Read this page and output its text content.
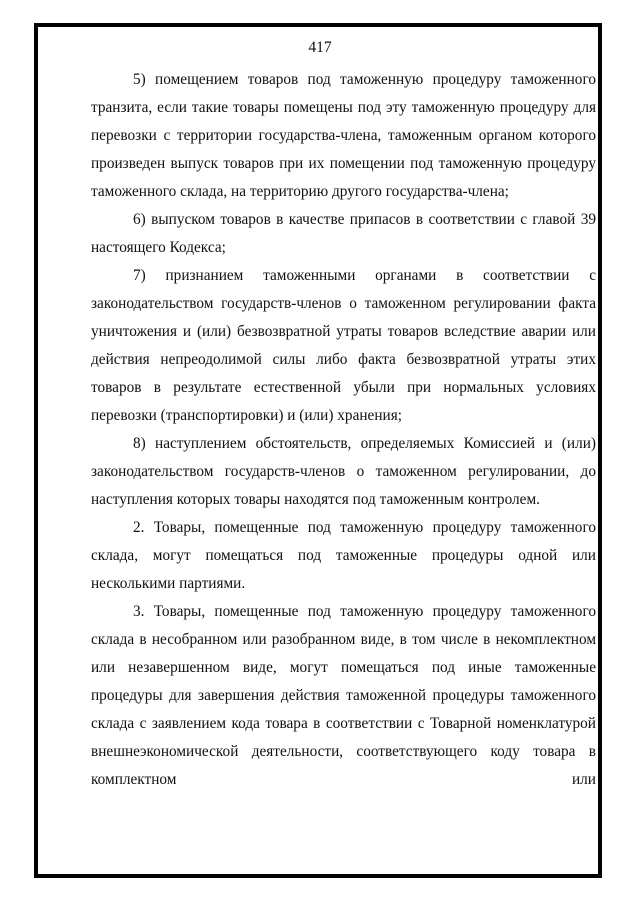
417

5) помещением товаров под таможенную процедуру таможенного транзита, если такие товары помещены под эту таможенную процедуру для перевозки с территории государства-члена, таможенным органом которого произведен выпуск товаров при их помещении под таможенную процедуру таможенного склада, на территорию другого государства-члена;

6) выпуском товаров в качестве припасов в соответствии с главой 39 настоящего Кодекса;

7) признанием таможенными органами в соответствии с законодательством государств-членов о таможенном регулировании факта уничтожения и (или) безвозвратной утраты товаров вследствие аварии или действия непреодолимой силы либо факта безвозвратной утраты этих товаров в результате естественной убыли при нормальных условиях перевозки (транспортировки) и (или) хранения;

8) наступлением обстоятельств, определяемых Комиссией и (или) законодательством государств-членов о таможенном регулировании, до наступления которых товары находятся под таможенным контролем.

2. Товары, помещенные под таможенную процедуру таможенного склада, могут помещаться под таможенные процедуры одной или несколькими партиями.

3. Товары, помещенные под таможенную процедуру таможенного склада в несобранном или разобранном виде, в том числе в некомплектном или незавершенном виде, могут помещаться под иные таможенные процедуры для завершения действия таможенной процедуры таможенного склада с заявлением кода товара в соответствии с Товарной номенклатурой внешнеэкономической деятельности, соответствующего коду товара в комплектном или
